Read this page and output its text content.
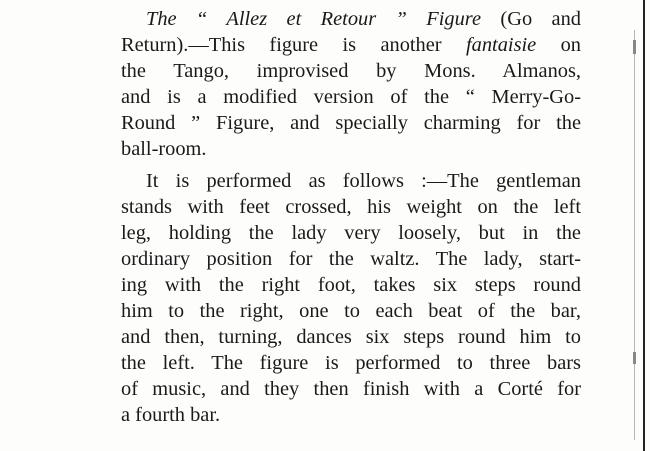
The “ Allez et Retour ” Figure (Go and
Return).—This figure is another fantaisie on
the Tango, improvised by Mons. Almanos,
and is a modified version of the “ Merry-Go-
Round ” Figure, and specially charming for the
ball-room.
It is performed as follows :—The gentleman
stands with feet crossed, his weight on the left
leg, holding the lady very loosely, but in the
ordinary position for the waltz. The lady, start-
ing with the right foot, takes six steps round
him to the right, one to each beat of the bar,
and then, turning, dances six steps round him to
the left. The figure is performed to three bars
of music, and they then finish with a Corté for
a fourth bar.
